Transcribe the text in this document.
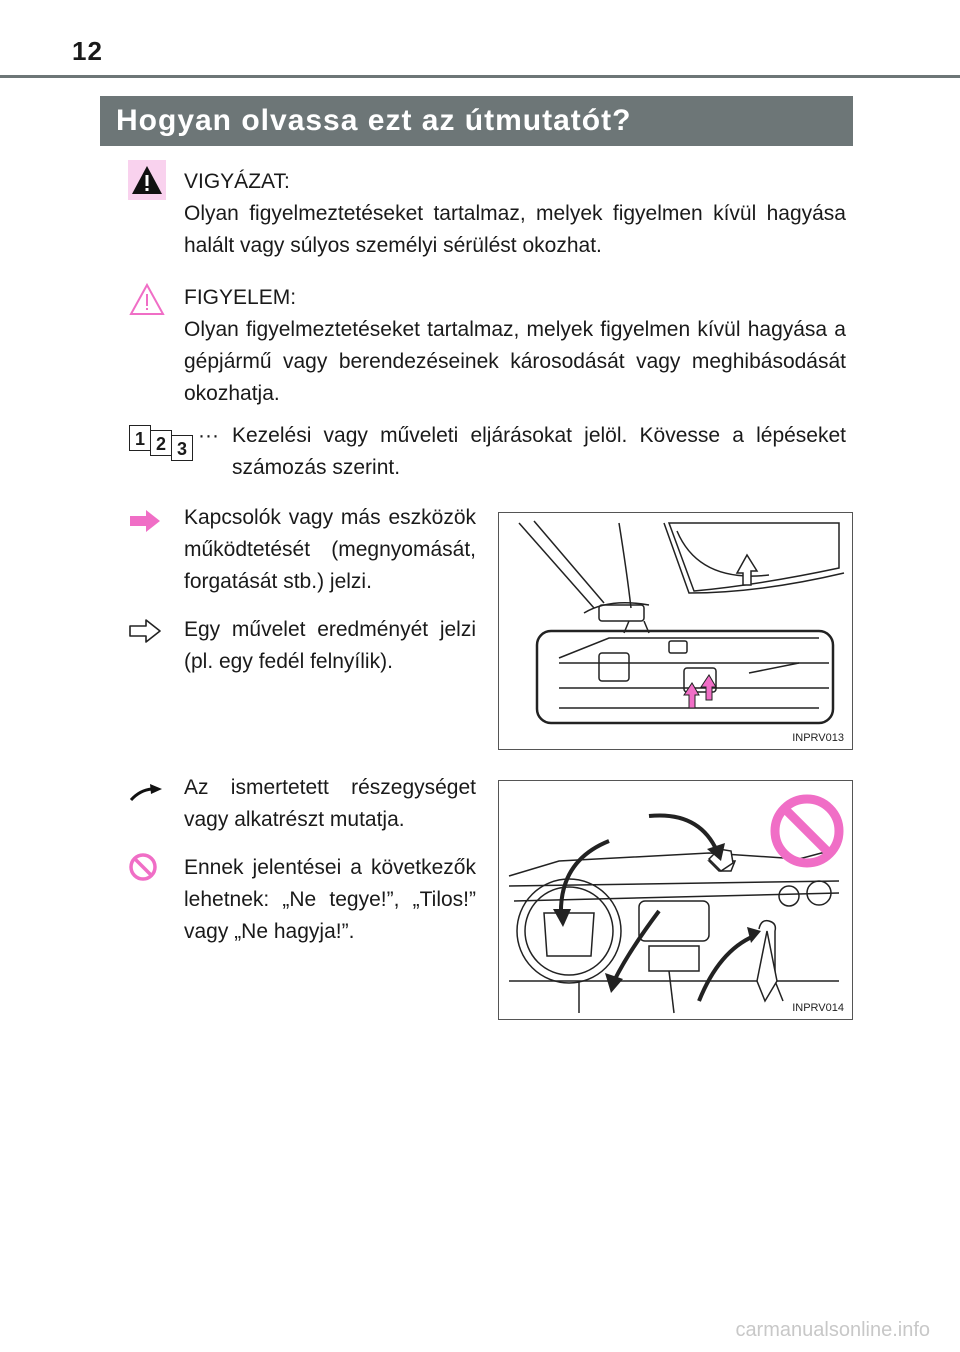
12
Hogyan olvassa ezt az útmutatót?
VIGYÁZAT:
Olyan figyelmeztetéseket tartalmaz, melyek figyelmen kívül hagyása halált vagy súlyos személyi sérülést okozhat.
FIGYELEM:
Olyan figyelmeztetéseket tartalmaz, melyek figyelmen kívül hagyása a gépjármű vagy berendezéseinek károsodását vagy meghibásodását okozhatja.
1 2 3
··· Kezelési vagy műveleti eljárásokat jelöl. Kövesse a lépéseket számozás szerint.
Kapcsolók vagy más eszközök működtetését (megnyomását, forgatását stb.) jelzi.
Egy művelet eredményét jelzi (pl. egy fedél felnyílik).
INPRV013
Az ismertetett részegységet vagy alkatrészt mutatja.
Ennek jelentései a következők lehetnek: „Ne tegye!”, „Tilos!” vagy „Ne hagyja!”.
INPRV014
carmanualsonline.info
